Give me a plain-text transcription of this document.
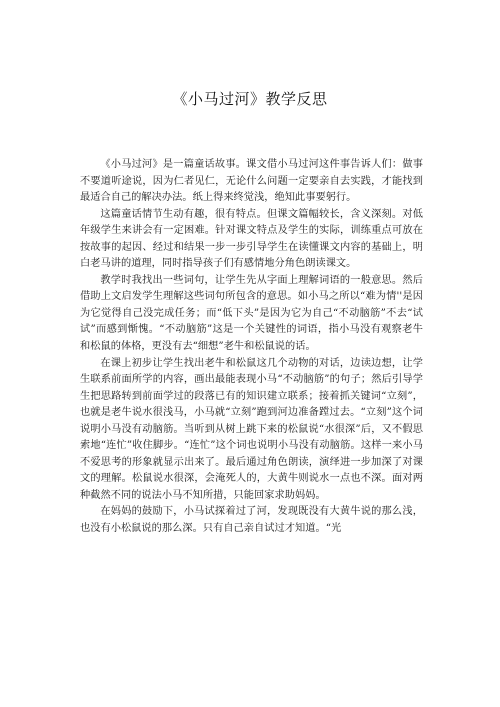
《小马过河》教学反思

《小马过河》是一篇童话故事。课文借小马过河这件事告诉人们：做事不要道听途说，因为仁者见仁，无论什么问题一定要亲自去实践，才能找到最适合自己的解决办法。纸上得来终觉浅，绝知此事要躬行。

这篇童话情节生动有趣，很有特点。但课文篇幅较长，含义深刻。对低年级学生来讲会有一定困难。针对课文特点及学生的实际，训练重点可放在按故事的起因、经过和结果一步一步引导学生在读懂课文内容的基础上，明白老马讲的道理，同时指导孩子们有感情地分角色朗读课文。

教学时我找出一些词句，让学生先从字面上理解词语的一般意思。然后借助上文启发学生理解这些词句所包含的意思。如小马之所以“难为情''是因为它觉得自己没完成任务；而“低下头”是因为它为自己“不动脑筋”不去“试试”而感到惭愧。“不动脑筋”这是一个关键性的词语，指小马没有观察老牛和松鼠的体格，更没有去“细想”老牛和松鼠说的话。

在课上初步让学生找出老牛和松鼠这几个动物的对话，边读边想，让学生联系前面所学的内容，画出最能表现小马“不动脑筋”的句子；然后引导学生把思路转到前面学过的段落已有的知识建立联系；接着抓关键词“立刻”，也就是老牛说水很浅马，小马就“立刻”跑到河边准备蹚过去。“立刻”这个词说明小马没有动脑筋。当听到从树上跳下来的松鼠说“水很深”后，又不假思索地“连忙”收住脚步。“连忙”这个词也说明小马没有动脑筋。这样一来小马不爱思考的形象就显示出来了。最后通过角色朗读，演绎进一步加深了对课文的理解。松鼠说水很深，会淹死人的，大黄牛则说水一点也不深。面对两种截然不同的说法小马不知所措，只能回家求助妈妈。

在妈妈的鼓励下，小马试探着过了河，发现既没有大黄牛说的那么浅，也没有小松鼠说的那么深。只有自己亲自试过才知道。“光
